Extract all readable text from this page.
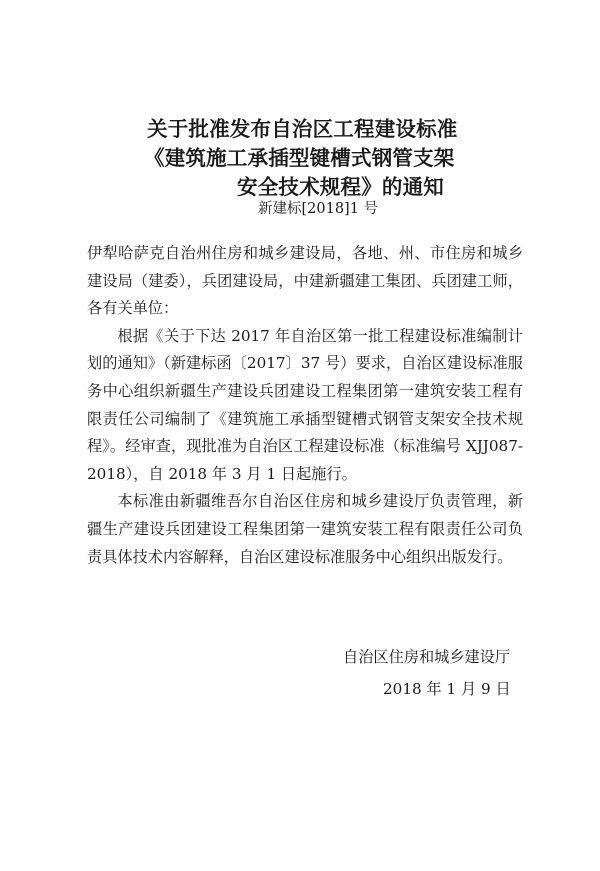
关于批准发布自治区工程建设标准
《建筑施工承插型键槽式钢管支架
安全技术规程》的通知
新建标[2018]1 号

伊犁哈萨克自治州住房和城乡建设局，各地、州、市住房和城乡建设局（建委），兵团建设局，中建新疆建工集团、兵团建工师，各有关单位：

根据《关于下达 2017 年自治区第一批工程建设标准编制计划的通知》（新建标函〔2017〕37 号）要求，自治区建设标准服务中心组织新疆生产建设兵团建设工程集团第一建筑安装工程有限责任公司编制了《建筑施工承插型键槽式钢管支架安全技术规程》。经审查，现批准为自治区工程建设标准（标准编号 XJJ087-2018），自 2018 年 3 月 1 日起施行。

本标准由新疆维吾尔自治区住房和城乡建设厅负责管理，新疆生产建设兵团建设工程集团第一建筑安装工程有限责任公司负责具体技术内容解释，自治区建设标准服务中心组织出版发行。

自治区住房和城乡建设厅
2018 年 1 月 9 日
